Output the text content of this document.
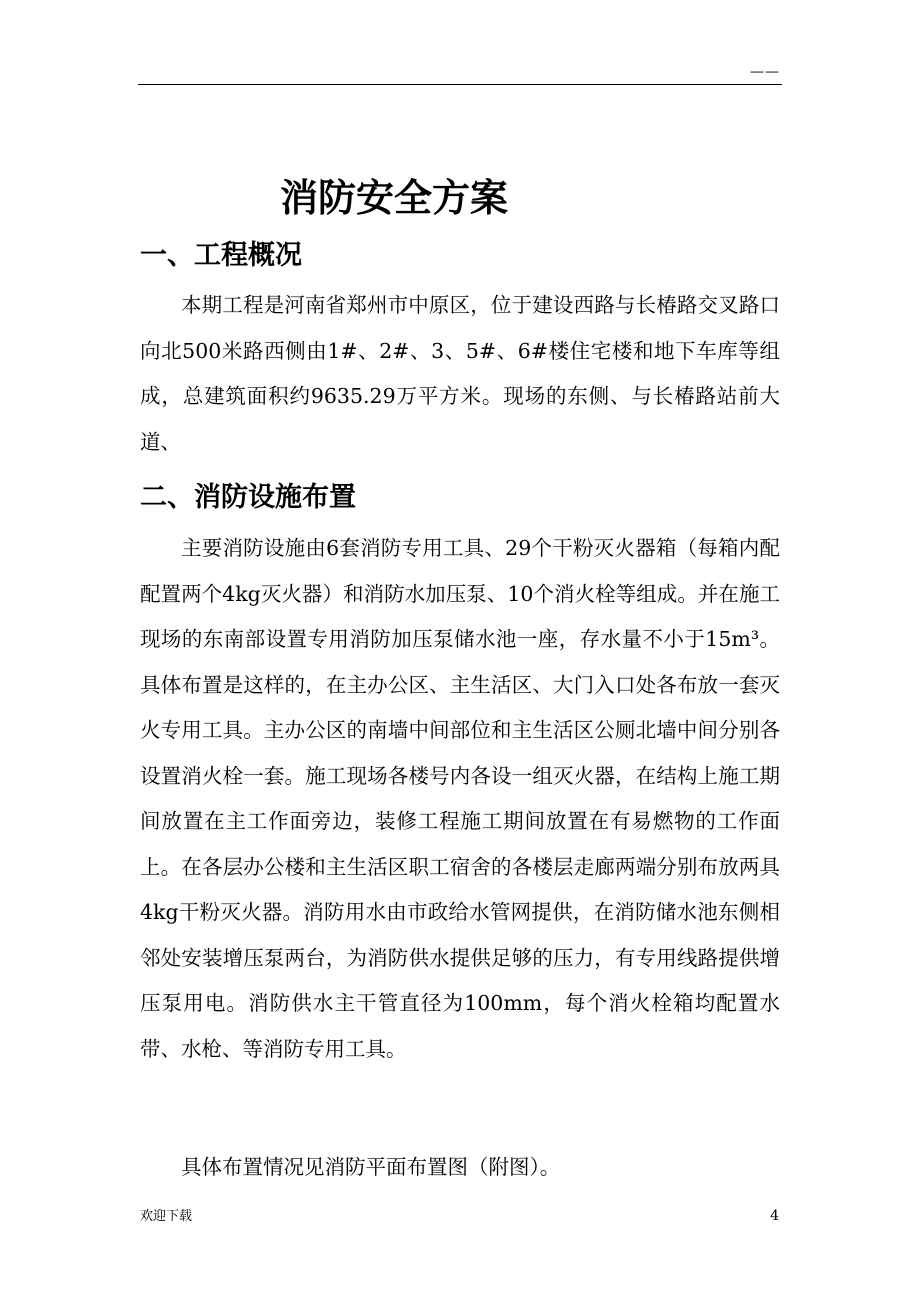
——
消防安全方案
一、工程概况

本期工程是河南省郑州市中原区，位于建设西路与长椿路交叉路口向北500米路西侧由1#、2#、3、5#、6#楼住宅楼和地下车库等组成，总建筑面积约9635.29万平方米。现场的东侧、与长椿路站前大道、

二、消防设施布置

主要消防设施由6套消防专用工具、29个干粉灭火器箱（每箱内配配置两个4kg灭火器）和消防水加压泵、10个消火栓等组成。并在施工现场的东南部设置专用消防加压泵储水池一座，存水量不小于15m³。具体布置是这样的，在主办公区、主生活区、大门入口处各布放一套灭火专用工具。主办公区的南墙中间部位和主生活区公厕北墙中间分别各设置消火栓一套。施工现场各楼号内各设一组灭火器，在结构上施工期间放置在主工作面旁边，装修工程施工期间放置在有易燃物的工作面上。在各层办公楼和主生活区职工宿舍的各楼层走廊两端分别布放两具4kg干粉灭火器。消防用水由市政给水管网提供，在消防储水池东侧相邻处安装增压泵两台，为消防供水提供足够的压力，有专用线路提供增压泵用电。消防供水主干管直径为100mm，每个消火栓箱均配置水带、水枪、等消防专用工具。

具体布置情况见消防平面布置图（附图）。

欢迎下载	4
